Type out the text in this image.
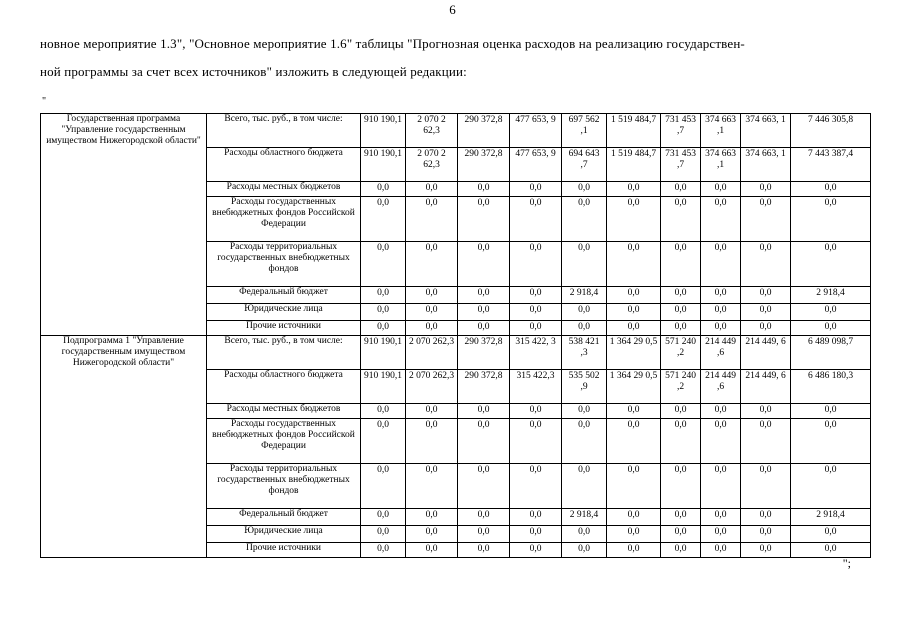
6
новное мероприятие 1.3", "Основное мероприятие 1.6" таблицы "Прогнозная оценка расходов на реализацию государствен-
ной программы за счет всех источников" изложить в следующей редакции:
"
Государственная программа "Управление государственным имуществом Нижегородской области"	Всего, тыс. руб., в том числе:	910 190,1	2 070 2 62,3	290 372,8	477 653, 9	697 562 ,1	1 519 484,7	731 453 ,7	374 663 ,1	374 663, 1	7 446 305,8
	Расходы областного бюджета	910 190,1	2 070 2 62,3	290 372,8	477 653, 9	694 643 ,7	1 519 484,7	731 453 ,7	374 663 ,1	374 663, 1	7 443 387,4
	Расходы местных бюджетов	0,0	0,0	0,0	0,0	0,0	0,0	0,0	0,0	0,0	0,0
	Расходы государственных внебюджетных фондов Российской Федерации	0,0	0,0	0,0	0,0	0,0	0,0	0,0	0,0	0,0	0,0
	Расходы территориальных государственных внебюджетных фондов	0,0	0,0	0,0	0,0	0,0	0,0	0,0	0,0	0,0	0,0
	Федеральный бюджет	0,0	0,0	0,0	0,0	2 918,4	0,0	0,0	0,0	0,0	2 918,4
	Юридические лица	0,0	0,0	0,0	0,0	0,0	0,0	0,0	0,0	0,0	0,0
	Прочие источники	0,0	0,0	0,0	0,0	0,0	0,0	0,0	0,0	0,0	0,0
Подпрограмма 1 "Управление государственным имуществом Нижегородской области"	Всего, тыс. руб., в том числе:	910 190,1	2 070 262,3	290 372,8	315 422, 3	538 421 ,3	1 364 29 0,5	571 240 ,2	214 449 ,6	214 449, 6	6 489 098,7
	Расходы областного бюджета	910 190,1	2 070 262,3	290 372,8	315 422,3	535 502 ,9	1 364 29 0,5	571 240 ,2	214 449 ,6	214 449, 6	6 486 180,3
	Расходы местных бюджетов	0,0	0,0	0,0	0,0	0,0	0,0	0,0	0,0	0,0	0,0
	Расходы государственных внебюджетных фондов Российской Федерации	0,0	0,0	0,0	0,0	0,0	0,0	0,0	0,0	0,0	0,0
	Расходы территориальных государственных внебюджетных фондов	0,0	0,0	0,0	0,0	0,0	0,0	0,0	0,0	0,0	0,0
	Федеральный бюджет	0,0	0,0	0,0	0,0	2 918,4	0,0	0,0	0,0	0,0	2 918,4
	Юридические лица	0,0	0,0	0,0	0,0	0,0	0,0	0,0	0,0	0,0	0,0
	Прочие источники	0,0	0,0	0,0	0,0	0,0	0,0	0,0	0,0	0,0	0,0
";
